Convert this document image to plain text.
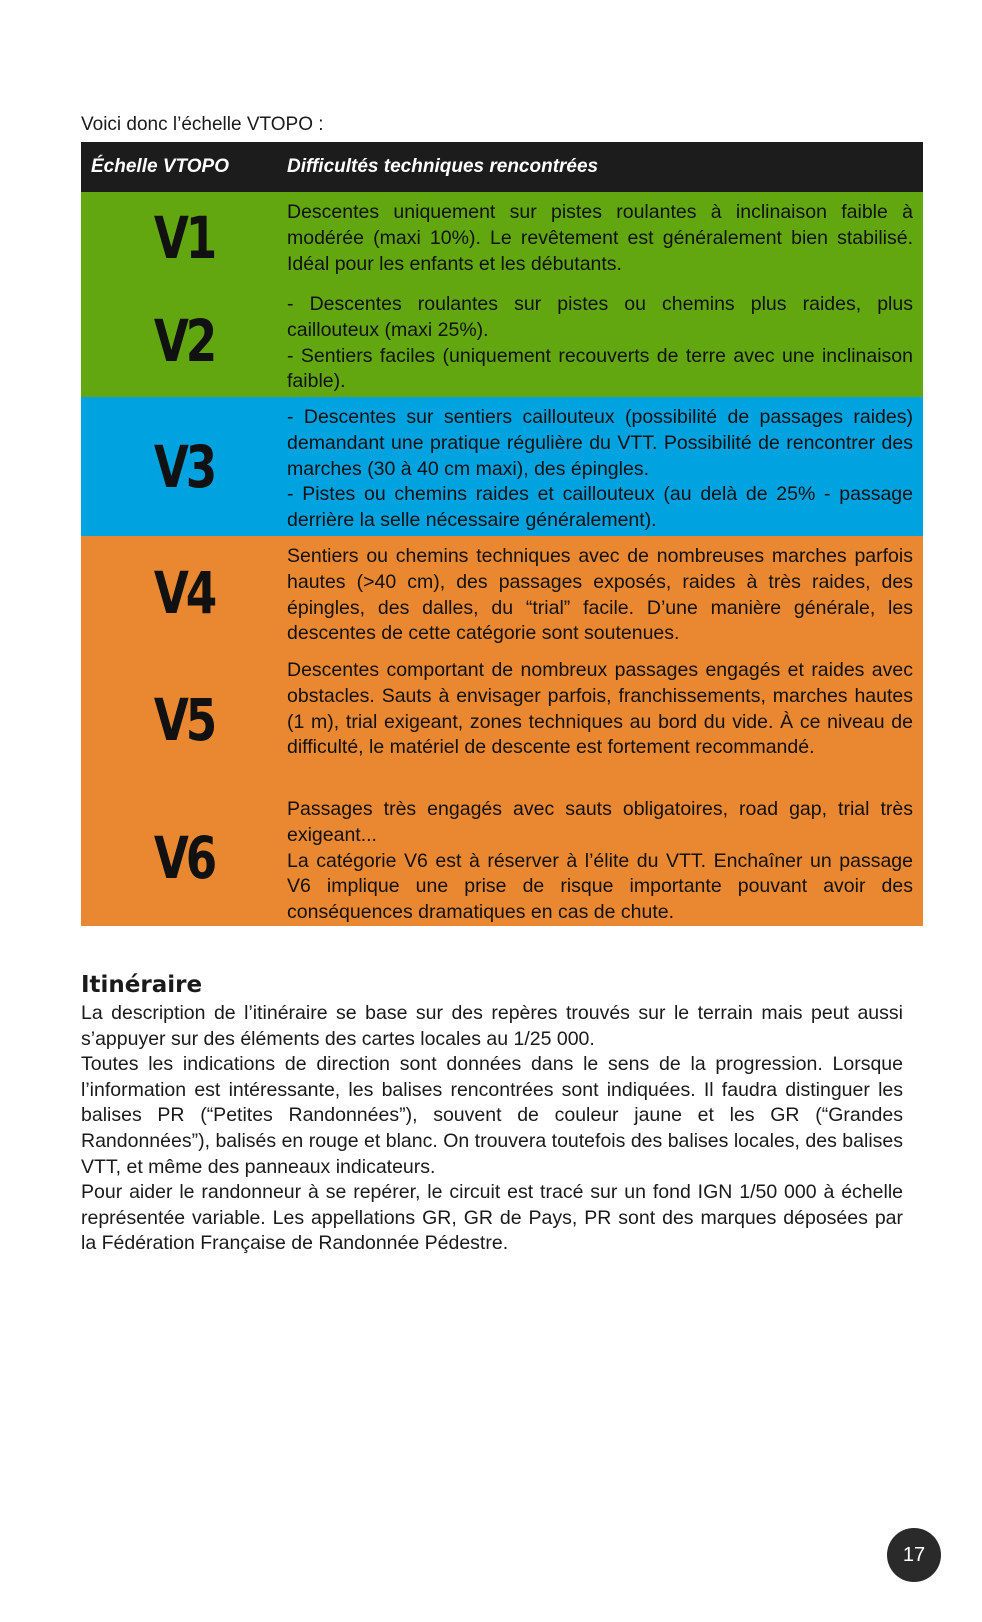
Voici donc l’échelle VTOPO :
Échelle VTOPO	Difficultés techniques rencontrées
V1	Descentes uniquement sur pistes roulantes à inclinaison faible à modérée (maxi 10%). Le revêtement est généralement bien stabilisé. Idéal pour les enfants et les débutants.

V2

- Descentes roulantes sur pistes ou chemins plus raides, plus caillouteux (maxi 25%).

- Sentiers faciles (uniquement recouverts de terre avec une inclinaison faible).

V3

- Descentes sur sentiers caillouteux (possibilité de passages raides) demandant une pratique régulière du VTT. Possibilité de rencontrer des marches (30 à 40 cm maxi), des épingles.

- Pistes ou chemins raides et caillouteux (au delà de 25% - passage derrière la selle nécessaire généralement).

V4

Sentiers ou chemins techniques avec de nombreuses marches parfois hautes (>40 cm), des passages exposés, raides à très raides, des épingles, des dalles, du “trial” facile. D’une manière générale, les descentes de cette catégorie sont soutenues.

V5

Descentes comportant de nombreux passages engagés et raides avec obstacles. Sauts à envisager parfois, franchissements, marches hautes (1 m), trial exigeant, zones techniques au bord du vide. À ce niveau de difficulté, le matériel de descente est fortement recommandé.

V6

Passages très engagés avec sauts obligatoires, road gap, trial très exigeant...

La catégorie V6 est à réserver à l’élite du VTT. Enchaîner un passage V6 implique une prise de risque importante pouvant avoir des conséquences dramatiques en cas de chute.

Itinéraire

La description de l’itinéraire se base sur des repères trouvés sur le terrain mais peut aussi s’appuyer sur des éléments des cartes locales au 1/25 000.

Toutes les indications de direction sont données dans le sens de la progression. Lorsque l’information est intéressante, les balises rencontrées sont indiquées. Il faudra distinguer les balises PR (“Petites Randonnées”), souvent de couleur jaune et les GR (“Grandes Randonnées”), balisés en rouge et blanc. On trouvera toutefois des balises locales, des balises VTT, et même des panneaux indicateurs.

Pour aider le randonneur à se repérer, le circuit est tracé sur un fond IGN 1/50 000 à échelle représentée variable. Les appellations GR, GR de Pays, PR sont des marques déposées par la Fédération Française de Randonnée Pédestre.

17
